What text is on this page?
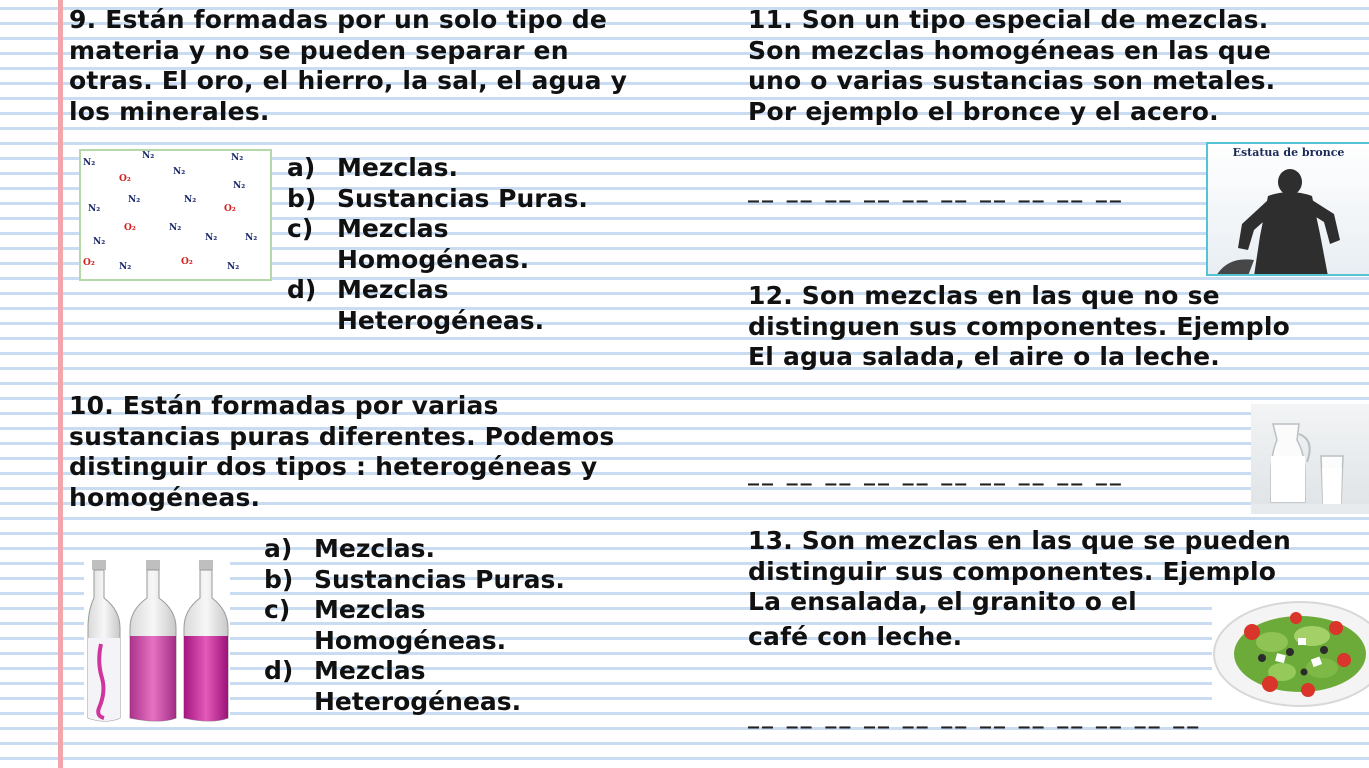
9. Están formadas por un solo tipo de
materia y no se pueden separar en
otras. El oro, el hierro, la sal, el agua y
los minerales.
N₂
N₂	N₂
N₂
O₂
N₂
N₂	N₂
N₂	O₂
O₂	N₂
N₂	N₂
N₂
O₂	N₂	O₂	N₂
a) Mezclas.
b) Sustancias Puras.
c) Mezclas
Homogéneas.
d) Mezclas
Heterogéneas.
10. Están formadas por varias
sustancias puras diferentes. Podemos
distinguir dos tipos : heterogéneas y
homogéneas.
a) Mezclas.
b) Sustancias Puras.
c) Mezclas
Homogéneas.
d) Mezclas
Heterogéneas.
11. Son un tipo especial de mezclas.
Son mezclas homogéneas en las que
uno o varias sustancias son metales.
Por ejemplo el bronce y el acero.
__ __ __ __ __ __ __ __ __ __
Estatua de bronce
12. Son mezclas en las que no se
distinguen sus componentes. Ejemplo
El agua salada, el aire o la leche.
__ __ __ __ __ __ __ __ __ __
13. Son mezclas en las que se pueden
distinguir sus componentes. Ejemplo
La ensalada, el granito o el
café con leche.
__ __ __ __ __ __ __ __ __ __ __ __
